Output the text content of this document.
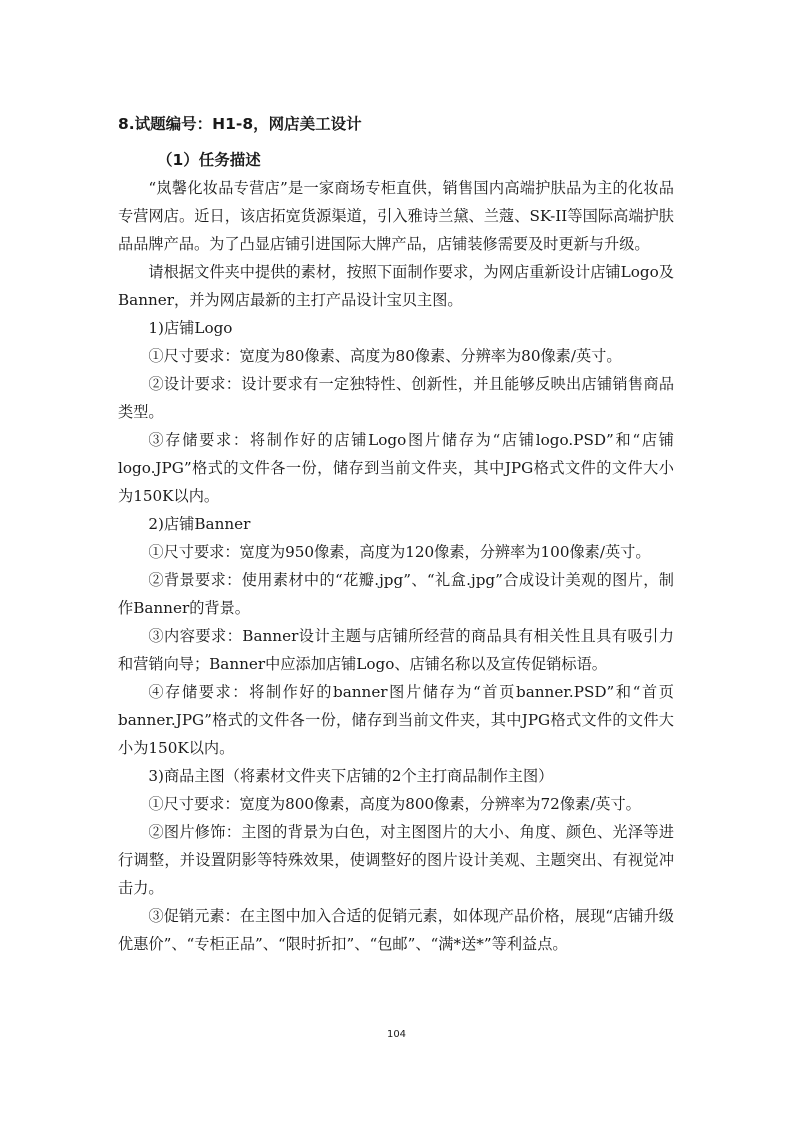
8.试题编号：H1-8，网店美工设计
（1）任务描述

“岚馨化妆品专营店”是一家商场专柜直供，销售国内高端护肤品为主的化妆品专营网店。近日，该店拓宽货源渠道，引入雅诗兰黛、兰蔻、SK-II等国际高端护肤品品牌产品。为了凸显店铺引进国际大牌产品，店铺装修需要及时更新与升级。

请根据文件夹中提供的素材，按照下面制作要求，为网店重新设计店铺Logo及Banner，并为网店最新的主打产品设计宝贝主图。

1)店铺Logo

①尺寸要求：宽度为80像素、高度为80像素、分辨率为80像素/英寸。

②设计要求：设计要求有一定独特性、创新性，并且能够反映出店铺销售商品类型。

③存储要求：将制作好的店铺Logo图片储存为“店铺logo.PSD”和“店铺logo.JPG”格式的文件各一份，储存到当前文件夹，其中JPG格式文件的文件大小为150K以内。

2)店铺Banner

①尺寸要求：宽度为950像素，高度为120像素，分辨率为100像素/英寸。

②背景要求：使用素材中的“花瓣.jpg”、“礼盒.jpg”合成设计美观的图片，制作Banner的背景。

③内容要求：Banner设计主题与店铺所经营的商品具有相关性且具有吸引力和营销向导；Banner中应添加店铺Logo、店铺名称以及宣传促销标语。

④存储要求：将制作好的banner图片储存为“首页banner.PSD”和“首页banner.JPG”格式的文件各一份，储存到当前文件夹，其中JPG格式文件的文件大小为150K以内。

3)商品主图（将素材文件夹下店铺的2个主打商品制作主图）

①尺寸要求：宽度为800像素，高度为800像素，分辨率为72像素/英寸。

②图片修饰：主图的背景为白色，对主图图片的大小、角度、颜色、光泽等进行调整，并设置阴影等特殊效果，使调整好的图片设计美观、主题突出、有视觉冲击力。

③促销元素：在主图中加入合适的促销元素，如体现产品价格，展现“店铺升级优惠价”、“专柜正品”、“限时折扣”、“包邮”、“满*送*”等利益点。

104
